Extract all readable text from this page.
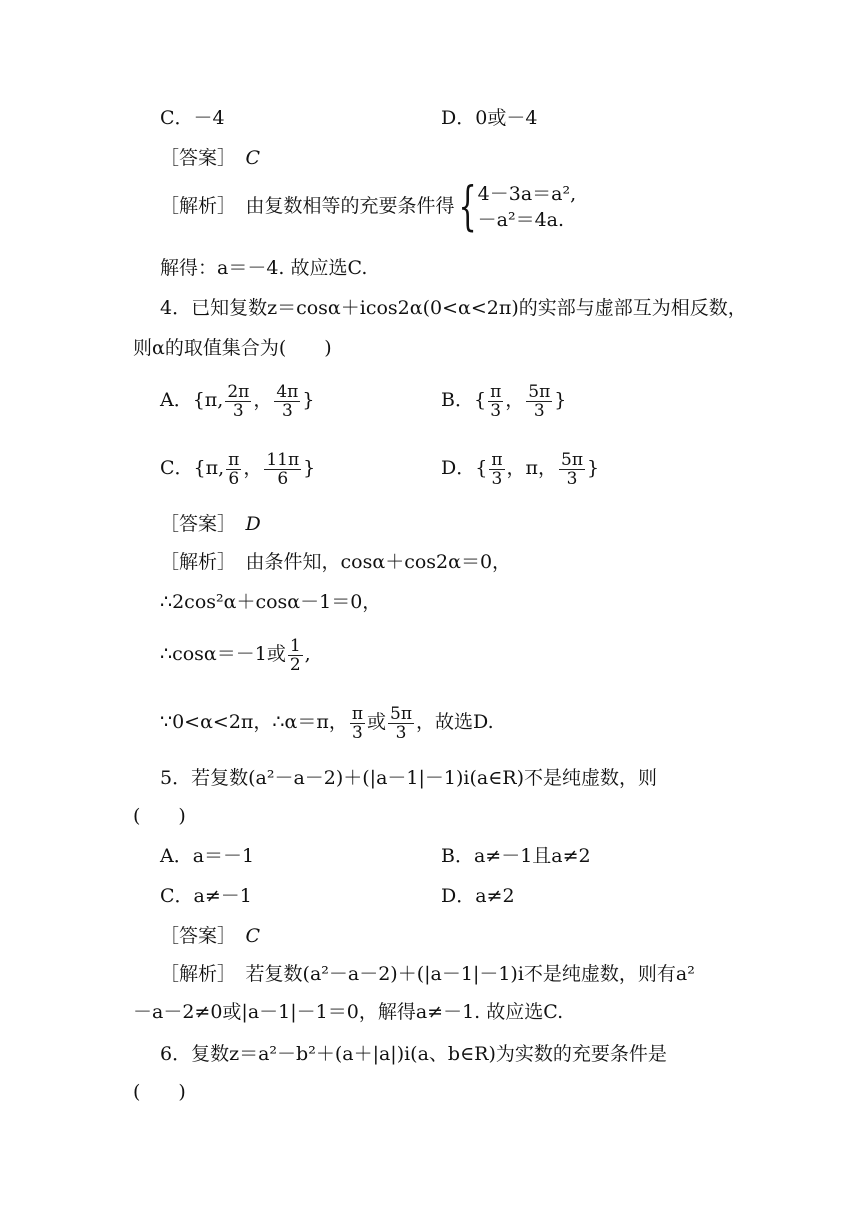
C．－4	D．0或－4
［答案］　 C
［解析］　 由复数相等的充要条件得{ 4－3a＝a²,
－a²＝4a.
解得：a＝－4. 故应选C.
4．已知复数z＝cosα＋icos2α(0<α<2π)的实部与虚部互为相反数，
则α的取值集合为(　　)
A．{π, $\frac{2\pi}{3}$ ， $\frac{4\pi}{3}$ }	B．{ $\frac{\pi}{3}$ ， $\frac{5\pi}{3}$ }
C．{π, $\frac{\pi}{6}$ ， $\frac{11\pi}{6}$ }	D．{ $\frac{\pi}{3}$ ，π， $\frac{5\pi}{3}$ }
［答案］　 D
［解析］　 由条件知，cosα＋cos2α＝0，
∴2cos²α＋cosα－1＝0，
∴cosα＝－1或 $\frac{1}{2}$ ,
∵0<α<2π，∴α＝π， $\frac{\pi}{3}$ 或 $\frac{5\pi}{3}$ ，故选D.
5．若复数(a²－a－2)＋(|a－1|－1)i(a∈R)不是纯虚数，则
(　　)
A．a＝－1	B．a≠－1且a≠2
C．a≠－1	D．a≠2
［答案］　 C
［解析］　 若复数(a²－a－2)＋(|a－1|－1)i不是纯虚数，则有a²
－a－2≠0或|a－1|－1＝0，解得a≠－1. 故应选C.
6．复数z＝a²－b²＋(a＋|a|)i(a、b∈R)为实数的充要条件是
(　　)
